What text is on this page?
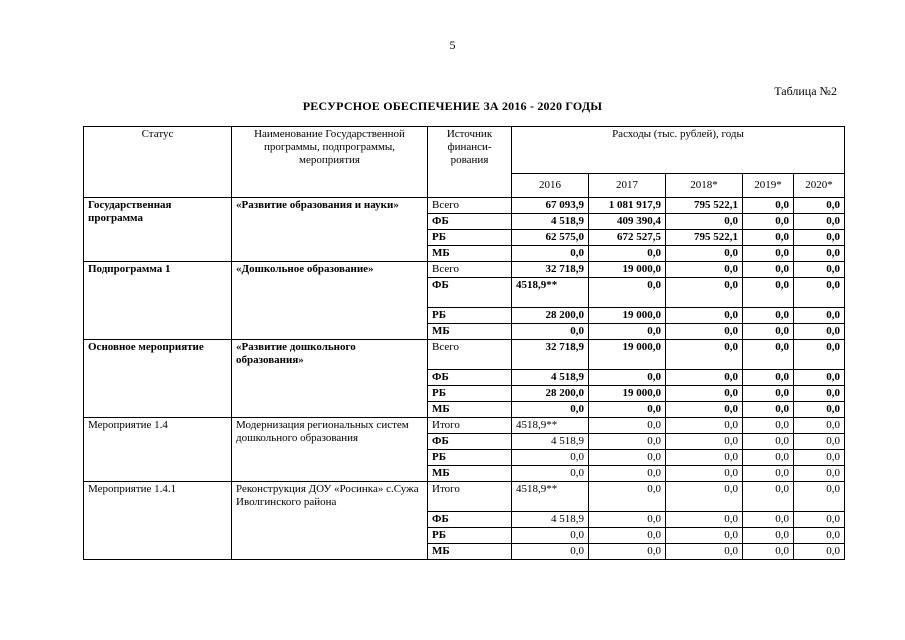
5
Таблица №2
РЕСУРСНОЕ ОБЕСПЕЧЕНИЕ ЗА 2016 - 2020 ГОДЫ
Статус	Наименование Государственной программы, подпрограммы, мероприятия	Источник финанси-рования	Расходы (тыс. рублей), годы				
			2016	2017	2018*	2019*	2020*
Государственная программа	«Развитие образования и науки»	Всего	67 093,9	1 081 917,9	795 522,1	0,0	0,0
		ФБ	4 518,9	409 390,4	0,0	0,0	0,0
		РБ	62 575,0	672 527,5	795 522,1	0,0	0,0
		МБ	0,0	0,0	0,0	0,0	0,0
Подпрограмма 1	«Дошкольное образование»	Всего	32 718,9	19 000,0	0,0	0,0	0,0
		ФБ	4518,9**	0,0	0,0	0,0	0,0
		РБ	28 200,0	19 000,0	0,0	0,0	0,0
		МБ	0,0	0,0	0,0	0,0	0,0
Основное мероприятие	«Развитие дошкольного образования»	Всего	32 718,9	19 000,0	0,0	0,0	0,0
		ФБ	4 518,9	0,0	0,0	0,0	0,0
		РБ	28 200,0	19 000,0	0,0	0,0	0,0
		МБ	0,0	0,0	0,0	0,0	0,0
Мероприятие 1.4	Модернизация региональных систем дошкольного образования	Итого	4518,9**	0,0	0,0	0,0	0,0
		ФБ	4 518,9	0,0	0,0	0,0	0,0
		РБ	0,0	0,0	0,0	0,0	0,0
		МБ	0,0	0,0	0,0	0,0	0,0
Мероприятие 1.4.1	Реконструкция ДОУ «Росинка» с.Сужа Иволгинского района	Итого	4518,9**	0,0	0,0	0,0	0,0
		ФБ	4 518,9	0,0	0,0	0,0	0,0
		РБ	0,0	0,0	0,0	0,0	0,0
		МБ	0,0	0,0	0,0	0,0	0,0
